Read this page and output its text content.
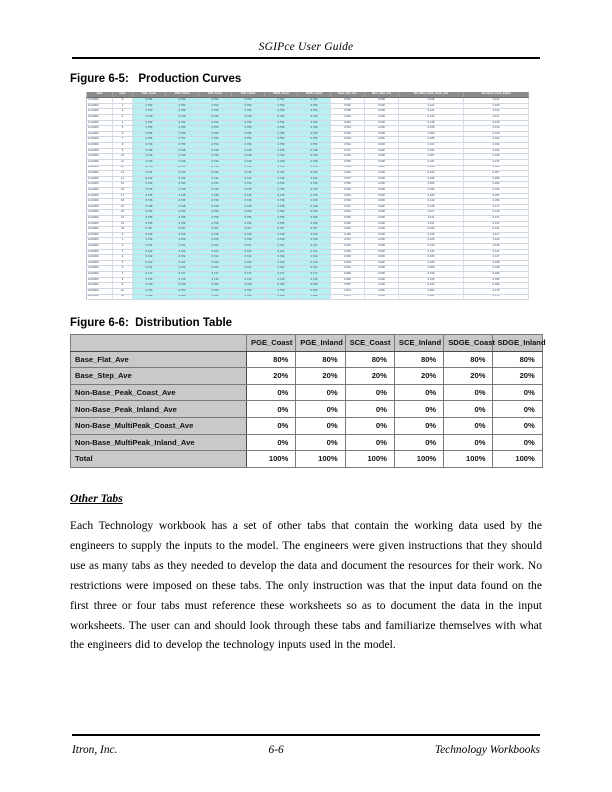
SGIPce User Guide
Figure 6-5:   Production Curves
Date	Hour	PGE_Coast	PGE_Inland	SCE_Coast	SCE_Inland	SDGE_Coast	SDGE_Inland	Base_Flat_Ave	Base_Step_Ave	Non-Base_Peak_Coast_Ave	Non-Base_Peak_Inland
1/1/2009	0	0.752	0.752	0.752	0.752	0.752	0.752	0.540	0.000	0.118	0.114
1/1/2009	1	0.752	0.752	0.752	0.752	0.752	0.752	0.540	0.000	0.121	0.109
1/1/2009	2	0.750	0.750	0.750	0.750	0.750	0.750	0.538	0.000	0.124	0.111
1/1/2009	3	0.749	0.749	0.749	0.749	0.749	0.749	0.536	0.000	0.133	0.117
1/1/2009	4	0.752	0.752	0.752	0.752	0.752	0.752	0.540	0.000	0.148	0.130
1/1/2009	5	0.755	0.755	0.755	0.755	0.755	0.755	0.543	0.000	0.158	0.133
1/1/2009	6	0.756	0.756	0.756	0.756	0.756	0.756	0.543	0.000	0.180	0.160
1/1/2009	7	0.754	0.754	0.754	0.754	0.754	0.754	0.543	0.000	0.188	0.163
1/1/2009	8	0.753	0.753	0.753	0.753	0.753	0.753	0.541	0.000	0.101	0.182
1/1/2009	9	0.748	0.748	0.748	0.748	0.748	0.748	0.537	0.000	0.154	0.192
1/1/2009	10	0.749	0.749	0.749	0.749	0.749	0.749	0.536	0.000	0.187	0.226
1/1/2009	11	0.749	0.749	0.749	0.749	0.749	0.749	0.536	0.000	0.197	0.272
1/1/2009	12	0.746	0.746	0.746	0.746	0.746	0.746	0.533	0.000	0.240	0.323
1/1/2009	13	0.744	0.744	0.744	0.744	0.744	0.744	0.530	0.000	0.213	0.307
1/1/2009	14	0.742	0.742	0.742	0.742	0.742	0.742	0.527	0.000	0.249	0.293
1/1/2009	15	0.743	0.743	0.743	0.743	0.743	0.743	0.529	0.000	0.262	0.293
1/1/2009	16	0.745	0.745	0.745	0.745	0.745	0.745	0.529	0.000	0.195	0.344
1/1/2009	17	0.745	0.745	0.745	0.745	0.745	0.745	0.531	0.000	0.183	0.264
1/1/2009	18	0.746	0.746	0.746	0.746	0.746	0.746	0.533	0.000	0.142	0.204
1/1/2009	19	0.748	0.748	0.748	0.748	0.748	0.748	0.537	0.000	0.148	0.177
1/1/2009	20	0.753	0.753	0.753	0.753	0.753	0.753	0.541	0.000	0.117	0.140
1/1/2009	21	0.756	0.756	0.756	0.756	0.756	0.756	0.545	0.000	0.111	0.127
1/1/2009	22	0.756	0.756	0.756	0.756	0.756	0.756	0.545	0.000	0.114	0.123
1/1/2009	23	0.757	0.757	0.757	0.757	0.757	0.757	0.546	0.000	0.129	0.121
1/2/2009	0	0.729	0.729	0.729	0.729	0.729	0.729	0.499	0.000	0.133	0.117
1/2/2009	1	0.729	0.729	0.729	0.729	0.729	0.729	0.521	0.000	0.129	0.119
1/2/2009	2	0.721	0.721	0.721	0.721	0.721	0.721	0.901	0.000	0.139	0.118
1/2/2009	3	0.722	0.722	0.722	0.722	0.722	0.722	0.903	0.000	0.142	0.121
1/2/2009	4	0.722	0.722	0.722	0.722	0.722	0.722	0.903	0.000	0.166	0.147
1/2/2009	5	0.722	0.722	0.722	0.722	0.722	0.722	0.903	0.000	0.183	0.168
1/2/2009	6	0.721	0.721	0.721	0.721	0.721	0.721	0.901	0.000	0.208	0.198
1/2/2009	7	0.717	0.717	0.717	0.717	0.717	0.717	0.896	0.000	0.215	0.206
1/2/2009	8	0.715	0.715	0.715	0.715	0.715	0.715	0.894	0.000	0.215	0.196
1/2/2009	9	0.709	0.709	0.709	0.709	0.709	0.709	0.887	0.000	0.212	0.189
1/2/2009	10	0.700	0.700	0.700	0.700	0.700	0.700	0.874	0.000	0.204	0.179
1/2/2009	11	0.699	0.699	0.699	0.699	0.699	0.699	0.873	0.000	0.201	0.176
Figure 6-6:  Distribution Table
	PGE_Coast	PGE_Inland	SCE_Coast	SCE_Inland	SDGE_Coast	SDGE_Inland
Base_Flat_Ave	80%	80%	80%	80%	80%	80%
Base_Step_Ave	20%	20%	20%	20%	20%	20%
Non-Base_Peak_Coast_Ave	0%	0%	0%	0%	0%	0%
Non-Base_Peak_Inland_Ave	0%	0%	0%	0%	0%	0%
Non-Base_MultiPeak_Coast_Ave	0%	0%	0%	0%	0%	0%
Non-Base_MultiPeak_Inland_Ave	0%	0%	0%	0%	0%	0%
Total	100%	100%	100%	100%	100%	100%
Other Tabs
Each Technology workbook has a set of other tabs that contain the working data used by the engineers to supply the inputs to the model. The engineers were given instructions that they should use as many tabs as they needed to develop the data and document the resources for their work. No restrictions were imposed on these tabs. The only instruction was that the input data found on the first three or four tabs must reference these worksheets so as to document the data in the input worksheets. The user can and should look through these tabs and familiarize themselves with what the engineers did to develop the technology inputs used in the model.
Itron, Inc.	6-6	Technology Workbooks
